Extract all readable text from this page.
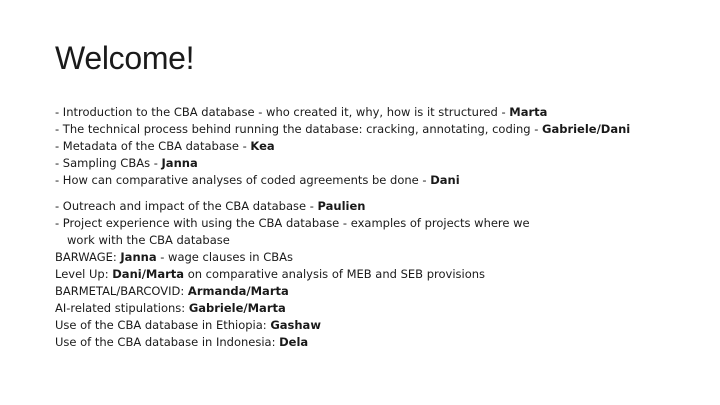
Welcome!

- Introduction to the CBA database - who created it, why, how is it structured - Marta

- The technical process behind running the database: cracking, annotating, coding - Gabriele/Dani

- Metadata of the CBA database - Kea

- Sampling CBAs - Janna

- How can comparative analyses of coded agreements be done - Dani

- Outreach and impact of the CBA database - Paulien

- Project experience with using the CBA database - examples of projects where we

work with the CBA database

BARWAGE: Janna - wage clauses in CBAs

Level Up: Dani/Marta on comparative analysis of MEB and SEB provisions

BARMETAL/BARCOVID: Armanda/Marta

AI-related stipulations: Gabriele/Marta

Use of the CBA database in Ethiopia: Gashaw

Use of the CBA database in Indonesia: Dela
